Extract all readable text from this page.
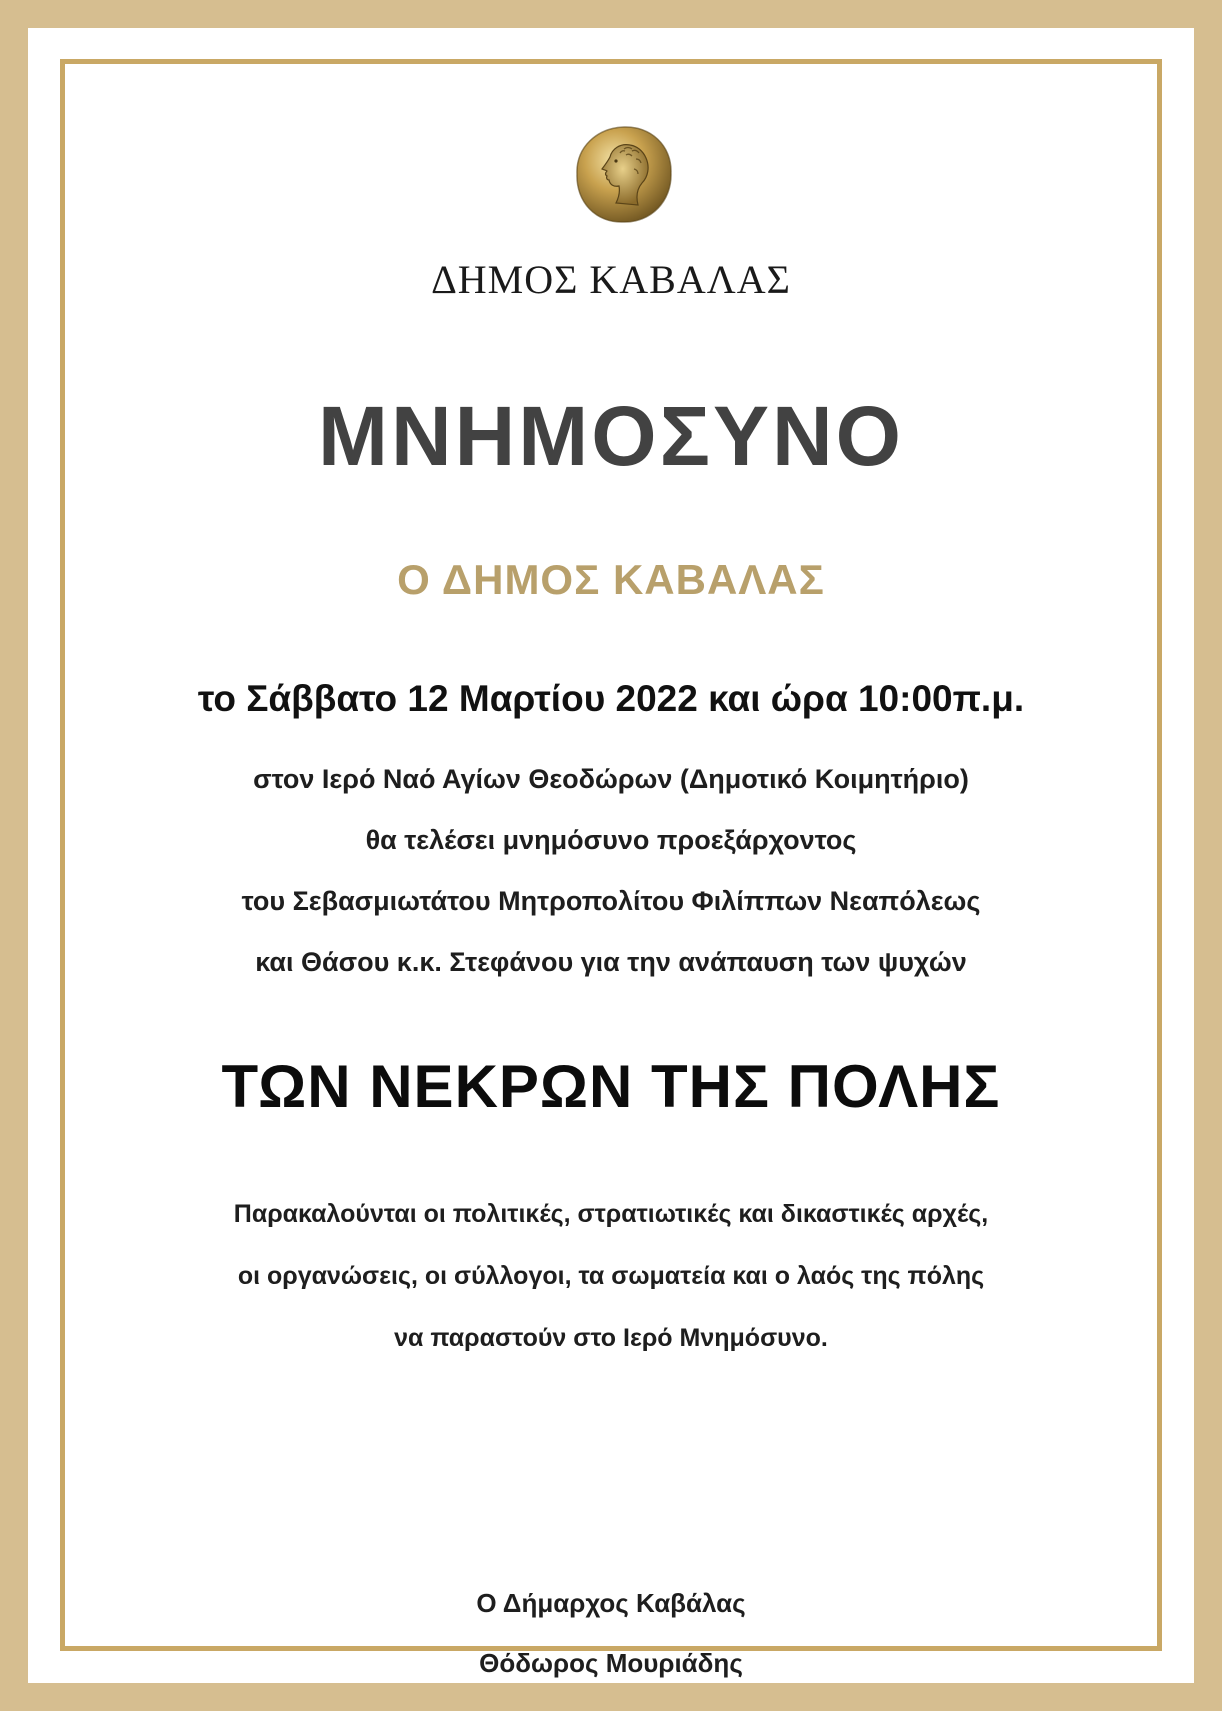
ΔΗΜΟΣ ΚΑΒΑΛΑΣ
ΜΝΗΜΟΣΥΝΟ
Ο ΔΗΜΟΣ ΚΑΒΑΛΑΣ
το Σάββατο 12 Μαρτίου 2022 και ώρα 10:00π.μ.
στον Ιερό Ναό Αγίων Θεοδώρων (Δημοτικό Κοιμητήριο)
θα τελέσει μνημόσυνο προεξάρχοντος
του Σεβασμιωτάτου Μητροπολίτου Φιλίππων Νεαπόλεως
και Θάσου κ.κ. Στεφάνου για την ανάπαυση των ψυχών
ΤΩΝ ΝΕΚΡΩΝ ΤΗΣ ΠΟΛΗΣ
Παρακαλούνται οι πολιτικές, στρατιωτικές και δικαστικές αρχές,
οι οργανώσεις, οι σύλλογοι, τα σωματεία και ο λαός της πόλης
να παραστούν στο Ιερό Μνημόσυνο.
Ο Δήμαρχος Καβάλας
Θόδωρος Μουριάδης
